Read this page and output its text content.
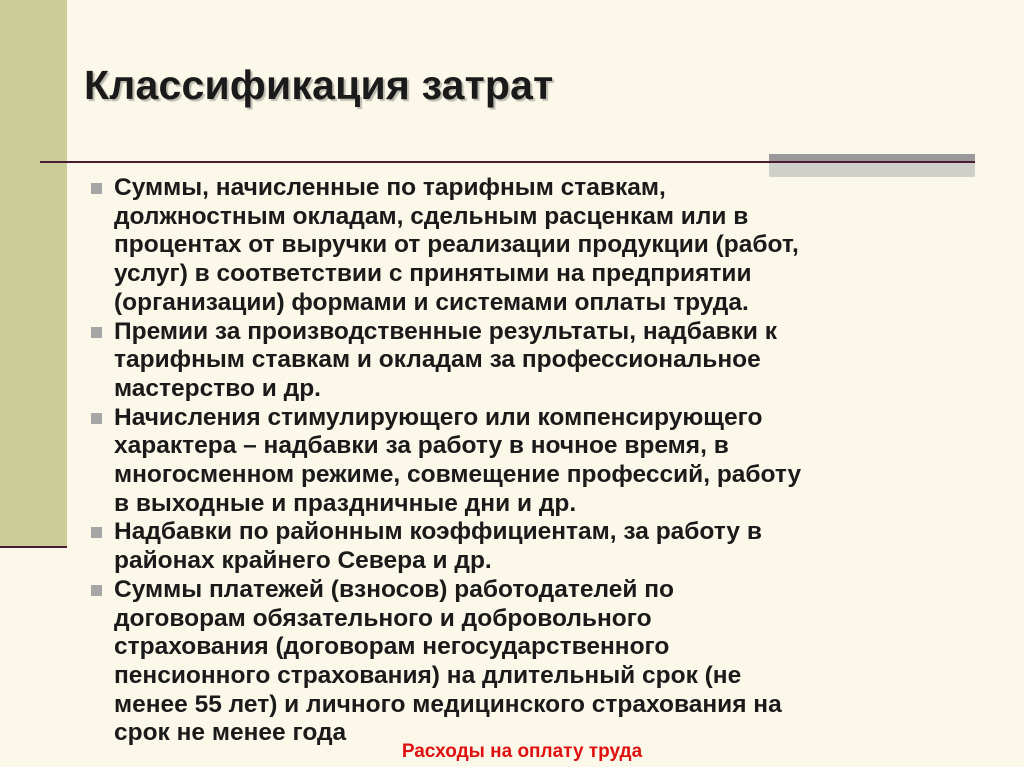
Классификация затрат
Суммы, начисленные по тарифным ставкам,
должностным окладам, сдельным расценкам или в
процентах от выручки от реализации продукции (работ,
услуг) в соответствии с принятыми на предприятии
(организации) формами и системами оплаты труда.
Премии за производственные результаты, надбавки к
тарифным ставкам и окладам за профессиональное
мастерство и др.
Начисления стимулирующего или компенсирующего
характера – надбавки за работу в ночное время, в
многосменном режиме, совмещение профессий, работу
в выходные и праздничные дни и др.
Надбавки по районным коэффициентам, за работу в
районах крайнего Севера и др.
Суммы платежей (взносов) работодателей по
договорам обязательного и добровольного
страхования (договорам негосударственного
пенсионного страхования) на длительный срок (не
менее 55 лет) и личного медицинского страхования на
срок не менее года
Расходы на оплату труда
